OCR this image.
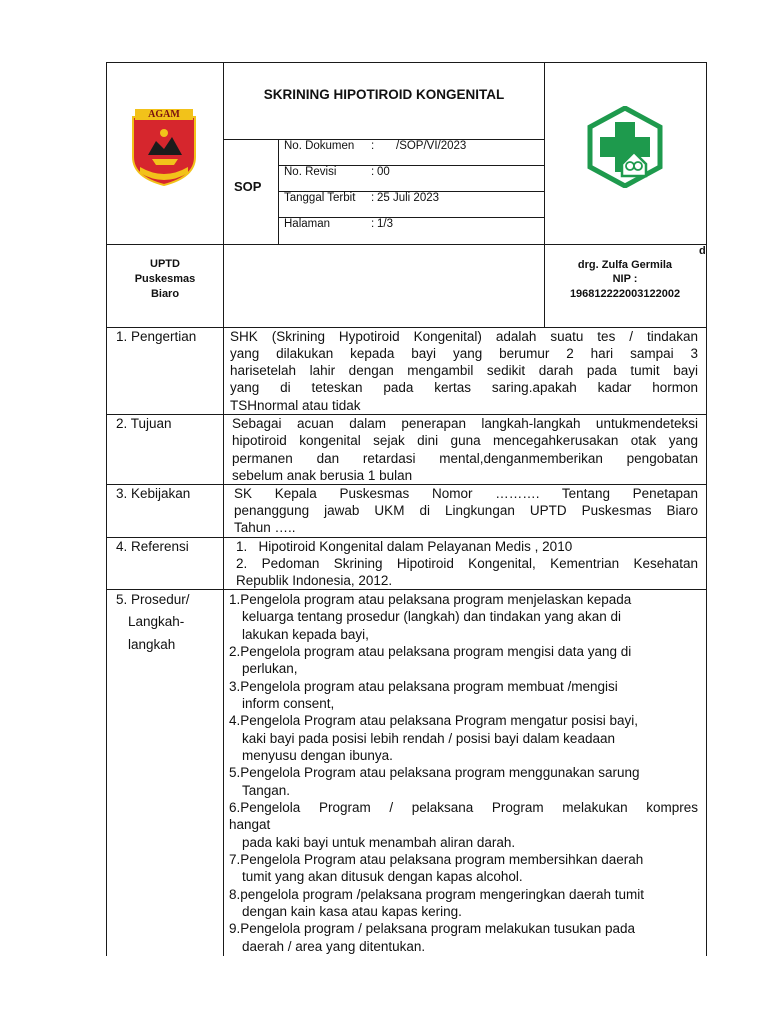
AGAM
SKRINING HIPOTIROID KONGENITAL
SOP
No. Dokumen : /SOP/VI/2023
No. Revisi	: 00
Tanggal Terbit : 25 Juli 2023
Halaman	: 1/3
UPTD
Puskesmas
Biaro
d
drg. Zulfa Germila
NIP :
196812222003122002
1. Pengertian SHK (Skrining Hypotiroid Kongenital) adalah suatu tes / tindakan
yang dilakukan kepada bayi yang berumur 2 hari sampai 3
harisetelah lahir dengan mengambil sedikit darah pada tumit bayi
yang di teteskan pada kertas saring.apakah kadar hormon
TSHnormal atau tidak
2. Tujuan	Sebagai acuan dalam penerapan langkah-langkah untukmendeteksi
hipotiroid kongenital sejak dini guna mencegahkerusakan otak yang
permanen dan retardasi mental,denganmemberikan pengobatan
sebelum anak berusia 1 bulan
3. Kebijakan	SK Kepala Puskesmas Nomor ………. Tentang Penetapan
penanggung jawab UKM di Lingkungan UPTD Puskesmas Biaro
Tahun …..
4. Referensi	1.   Hipotiroid Kongenital dalam Pelayanan Medis , 2010
2. Pedoman Skrining Hipotiroid Kongenital, Kementrian Kesehatan
Republik Indonesia, 2012.
5. Prosedur/
Langkah-
langkah
1.Pengelola program atau pelaksana program menjelaskan kepada
keluarga tentang prosedur (langkah) dan tindakan yang akan di
lakukan kepada bayi,
2.Pengelola program atau pelaksana program mengisi data yang di
perlukan,
3.Pengelola program atau pelaksana program membuat /mengisi
inform consent,
4.Pengelola Program atau pelaksana Program mengatur posisi bayi,
kaki bayi pada posisi lebih rendah / posisi bayi dalam keadaan
menyusu dengan ibunya.
5.Pengelola Program atau pelaksana program menggunakan sarung
Tangan.
6.Pengelola Program / pelaksana Program melakukan kompres
hangat
pada kaki bayi untuk menambah aliran darah.
7.Pengelola Program atau pelaksana program membersihkan daerah
tumit yang akan ditusuk dengan kapas alcohol.
8.pengelola program /pelaksana program mengeringkan daerah tumit
dengan kain kasa atau kapas kering.
9.Pengelola program / pelaksana program melakukan tusukan pada
daerah / area yang ditentukan.
